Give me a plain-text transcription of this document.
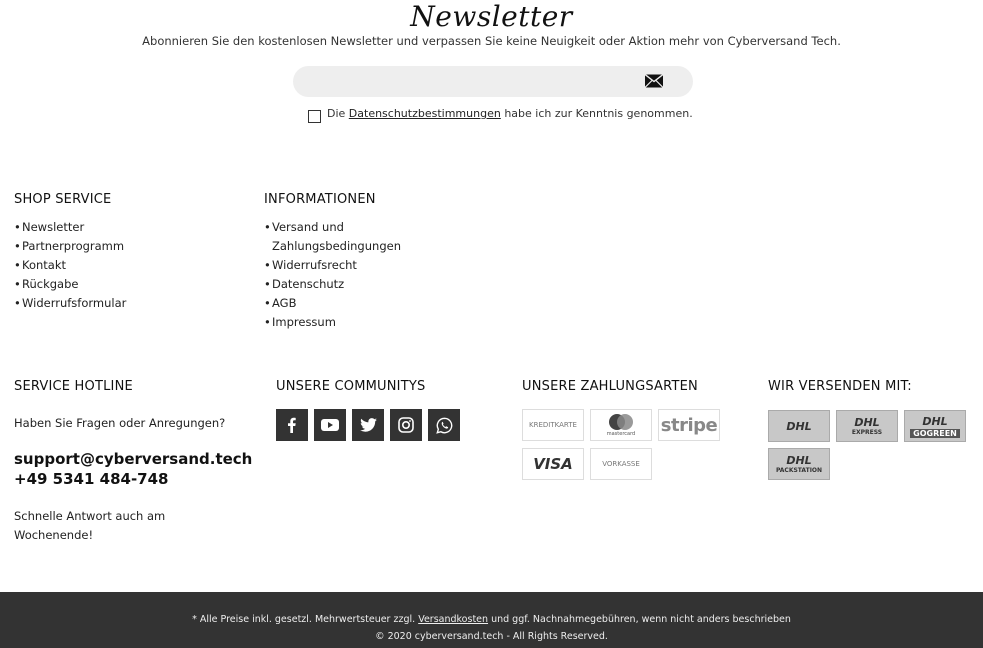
Newsletter
Abonnieren Sie den kostenlosen Newsletter und verpassen Sie keine Neuigkeit oder Aktion mehr von Cyberversand Tech.
Die
Datenschutzbestimmungen
habe ich zur Kenntnis genommen.
SHOP SERVICE
• Newsletter
• Partnerprogramm
• Kontakt
• Rückgabe
• Widerrufsformular
INFORMATIONEN
• Versand und Zahlungsbedingungen
• Widerrufsrecht
• Datenschutz
• AGB
• Impressum
SERVICE HOTLINE
Haben Sie Fragen oder Anregungen?
support@cyberversand.tech
+49 5341 484-748
Schnelle Antwort auch am Wochenende!
UNSERE COMMUNITYS	UNSERE ZAHLUNGSARTEN
KREDITKARTE
mastercard stripe
VISA	VORKASSE
WIR VERSENDEN MIT:
DHL	DHL
EXPRESS
DHL
GOGREEN
DHL
PACKSTATION
* Alle Preise inkl. gesetzl. Mehrwertsteuer zzgl. Versandkosten und ggf. Nachnahmegebühren, wenn nicht anders beschrieben
© 2020 cyberversand.tech - All Rights Reserved.
